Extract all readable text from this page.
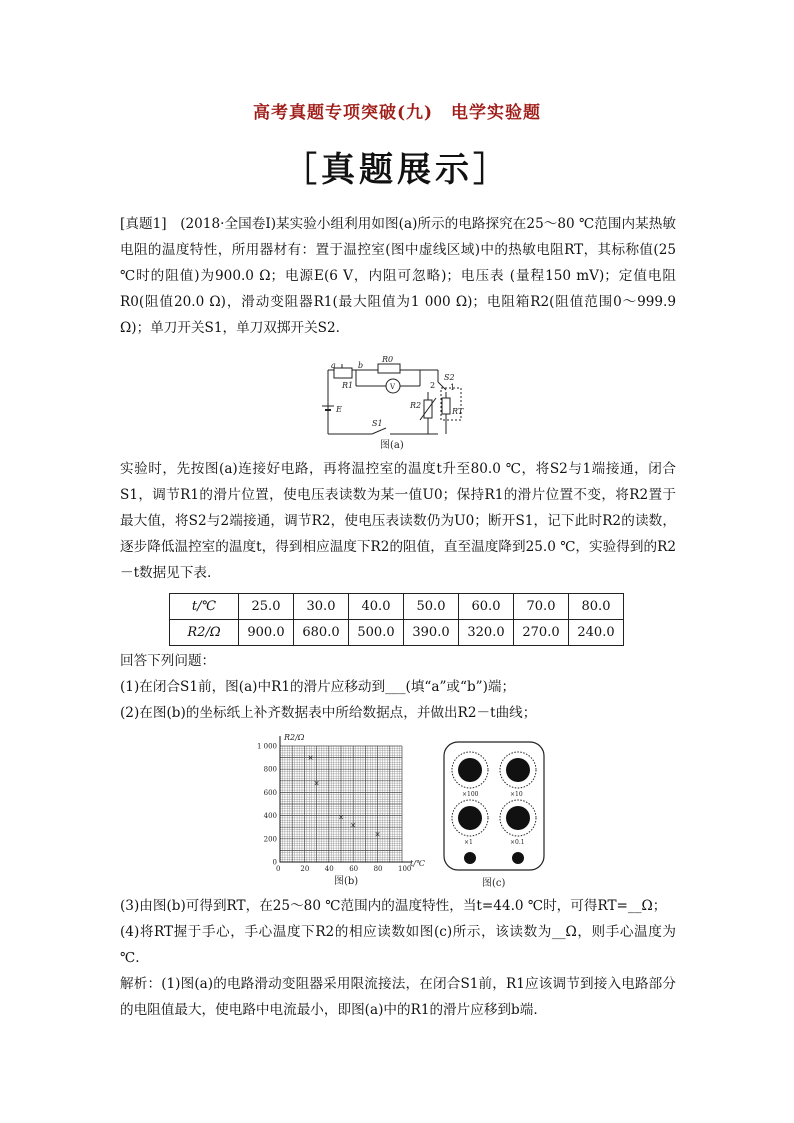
高考真题专项突破(九)　电学实验题
［真题展示］

[真题1]　(2018·全国卷Ⅰ)某实验小组利用如图(a)所示的电路探究在25～80 ℃范围内某热敏电阻的温度特性，所用器材有：置于温控室(图中虚线区域)中的热敏电阻RT，其标称值(25 ℃时的阻值)为900.0 Ω；电源E(6 V，内阻可忽略)；电压表 (量程150 mV)；定值电阻R0(阻值20.0 Ω)，滑动变阻器R1(最大阻值为1 000 Ω)；电阻箱R2(阻值范围0～999.9 Ω)；单刀开关S1，单刀双掷开关S2.

R0
V
a	b
R1
E
S1
S2
1
2
R2
RT
图(a)

实验时，先按图(a)连接好电路，再将温控室的温度t升至80.0 ℃，将S2与1端接通，闭合S1，调节R1的滑片位置，使电压表读数为某一值U0；保持R1的滑片位置不变，将R2置于最大值，将S2与2端接通，调节R2，使电压表读数仍为U0；断开S1，记下此时R2的读数，逐步降低温控室的温度t，得到相应温度下R2的阻值，直至温度降到25.0 ℃，实验得到的R2－t数据见下表.

t/℃	25.0	30.0	40.0	50.0	60.0	70.0	80.0
R2/Ω	900.0	680.0	500.0	390.0	320.0	270.0	240.0

回答下列问题：

(1)在闭合S1前，图(a)中R1的滑片应移动到___(填“a”或“b”)端；

(2)在图(b)的坐标纸上补齐数据表中所给数据点，并做出R2－t曲线；

0	20 40 60 80 100
0
200
400
600
800
1 000
×
×
×
×
×
R2/Ω
t/℃
图(b)
×100	×10
×1	×0.1
图(c)

(3)由图(b)可得到RT，在25～80 ℃范围内的温度特性，当t=44.0 ℃时，可得RT=__Ω；

(4)将RT握于手心，手心温度下R2的相应读数如图(c)所示，该读数为__Ω，则手心温度为 ℃.

解析：(1)图(a)的电路滑动变阻器采用限流接法，在闭合S1前，R1应该调节到接入电路部分的电阻值最大，使电路中电流最小，即图(a)中的R1的滑片应移到b端.
